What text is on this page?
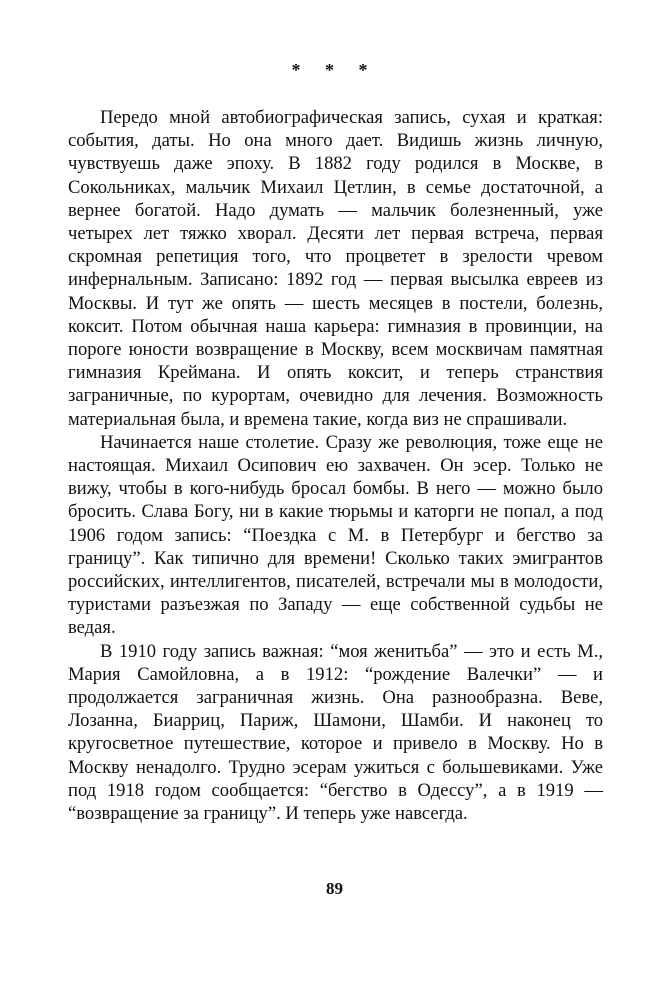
* * *

Передо мной автобиографическая запись, сухая и краткая: события, даты. Но она много дает. Видишь жизнь личную, чувствуешь даже эпоху. В 1882 году родился в Москве, в Сокольниках, мальчик Михаил Цетлин, в семье достаточной, а вернее богатой. Надо думать — мальчик болезненный, уже четырех лет тяжко хворал. Десяти лет первая встреча, первая скромная репетиция того, что процветет в зрелости чревом инфернальным. Записано: 1892 год — первая высылка евреев из Москвы. И тут же опять — шесть месяцев в постели, болезнь, коксит. Потом обычная наша карьера: гимназия в провинции, на пороге юности возвращение в Москву, всем москвичам памятная гимназия Креймана. И опять коксит, и теперь странствия заграничные, по курортам, очевидно для лечения. Возможность материальная была, и времена такие, когда виз не спрашивали.

Начинается наше столетие. Сразу же революция, тоже еще не настоящая. Михаил Осипович ею захвачен. Он эсер. Только не вижу, чтобы в кого-нибудь бросал бомбы. В него — можно было бросить. Слава Богу, ни в какие тюрьмы и каторги не попал, а под 1906 годом запись: “Поездка с М. в Петербург и бегство за границу”. Как типично для времени! Сколько таких эмигрантов российских, интеллигентов, писателей, встречали мы в молодости, туристами разъезжая по Западу — еще собственной судьбы не ведая.

В 1910 году запись важная: “моя женитьба” — это и есть М., Мария Самойловна, а в 1912: “рождение Валечки” — и продолжается заграничная жизнь. Она разнообразна. Веве, Лозанна, Биарриц, Париж, Шамони, Шамби. И наконец то кругосветное путешествие, которое и привело в Москву. Но в Москву ненадолго. Трудно эсерам ужиться с большевиками. Уже под 1918 годом сообщается: “бегство в Одессу”, а в 1919 — “возвращение за границу”. И теперь уже навсегда.

89
